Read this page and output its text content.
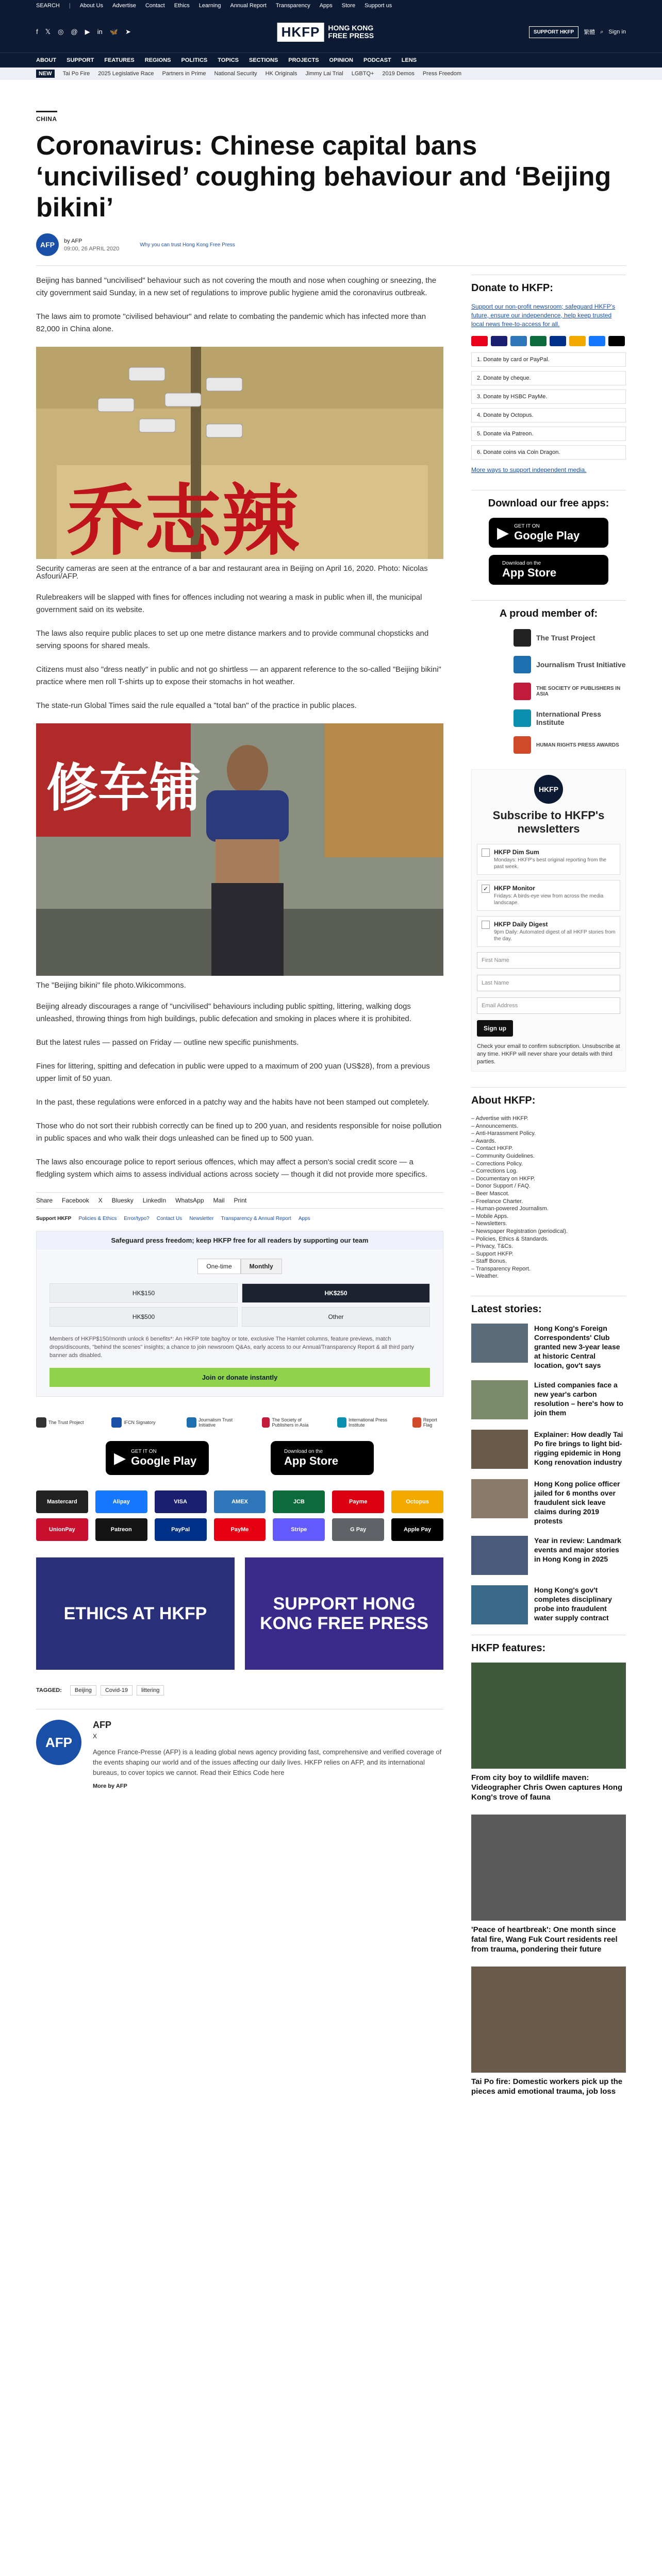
SEARCH | About Us Advertise Contact Ethics Learning Annual Report Transparency Apps Store Support us
f 𝕏 ◎ @ ▶ in 🦋 ➤	HKFP	HONG KONG FREE PRESS	SUPPORT HKFP	繁體 ⌕ Sign in
ABOUT SUPPORT FEATURES REGIONS POLITICS TOPICS SECTIONS PROJECTS OPINION PODCAST LENS
NEW	Tai Po Fire 2025 Legislative Race Partners in Prime National Security HK Originals Jimmy Lai Trial LGBTQ+ 2019 Demos Press Freedom
CHINA
Coronavirus: Chinese capital bans ‘uncivilised’ coughing behaviour and ‘Beijing bikini’
AFP	by AFP
09:00, 26 APRIL 2020
Why you can trust Hong Kong Free Press

Beijing has banned "uncivilised" behaviour such as not covering the mouth and nose when coughing or sneezing, the city government said Sunday, in a new set of regulations to improve public hygiene amid the coronavirus outbreak.

The laws aim to promote "civilised behaviour" and relate to combating the pandemic which has infected more than 82,000 in China alone.

乔志辣

Security cameras are seen at the entrance of a bar and restaurant area in Beijing on April 16, 2020. Photo: Nicolas Asfouri/AFP.

Rulebreakers will be slapped with fines for offences including not wearing a mask in public when ill, the municipal government said on its website.

The laws also require public places to set up one metre distance markers and to provide communal chopsticks and serving spoons for shared meals.

Citizens must also "dress neatly" in public and not go shirtless — an apparent reference to the so-called "Beijing bikini" practice where men roll T-shirts up to expose their stomachs in hot weather.

The state-run Global Times said the rule equalled a "total ban" of the practice in public places.

修车铺

The "Beijing bikini" file photo.Wikicommons.

Beijing already discourages a range of "uncivilised" behaviours including public spitting, littering, walking dogs unleashed, throwing things from high buildings, public defecation and smoking in places where it is prohibited.

But the latest rules — passed on Friday — outline new specific punishments.

Fines for littering, spitting and defecation in public were upped to a maximum of 200 yuan (US$28), from a previous upper limit of 50 yuan.

In the past, these regulations were enforced in a patchy way and the habits have not been stamped out completely.

Those who do not sort their rubbish correctly can be fined up to 200 yuan, and residents responsible for noise pollution in public spaces and who walk their dogs unleashed can be fined up to 500 yuan.

The laws also encourage police to report serious offences, which may affect a person's social credit score — a fledgling system which aims to assess individual actions across society — though it did not provide more specifics.

Share Facebook X Bluesky LinkedIn WhatsApp Mail Print
Support HKFP Policies & Ethics Error/typo? Contact Us Newsletter Transparency & Annual Report Apps
Safeguard press freedom; keep HKFP free for all readers by supporting our team
One-time	Monthly
HK$150	HK$250
HK$500	Other
Members of HKFP$150/month unlock 6 benefits*: An HKFP tote bag/toy or tote, exclusive The Hamlet columns, feature previews, match drops/discounts, "behind the scenes" insights; a chance to join newsroom Q&As, early access to our Annual/Transparency Report & all third party banner ads disabled.
Join or donate instantly
The Trust Project	IFCN Signatory	Journalism Trust Initiative
The Society of Publishers in Asia
International Press Institute
Report Flag
▶ GET IT ON
Google Play
Download on the
App Store
Mastercard	Alipay	VISA	AMEX	JCB	Payme	Octopus
UnionPay	Patreon	PayPal	PayMe	Stripe	G Pay	Apple Pay
ETHICS AT HKFP	SUPPORT HONG KONG FREE PRESS
TAGGED:	Beijing	Covid-19	littering
AFP
AFP
X
Agence France-Presse (AFP) is a leading global news agency providing fast, comprehensive and verified coverage of the events shaping our world and of the issues affecting our daily lives. HKFP relies on AFP, and its international bureaus, to cover topics we cannot. Read their Ethics Code here
More by AFP
Donate to HKFP:
Support our non-profit newsroom; safeguard HKFP's future, ensure our independence, help keep trusted local news free-to-access for all.
1. Donate by card or PayPal.
2. Donate by cheque.
3. Donate by HSBC PayMe.
4. Donate by Octopus.
5. Donate via Patreon.
6. Donate coins via Coin Dragon.
More ways to support independent media.
Download our free apps:
▶ GET IT ON
Google Play
Download on the
App Store
A proud member of:
The Trust Project
Journalism Trust Initiative
THE SOCIETY OF PUBLISHERS IN ASIA
International Press Institute
HUMAN RIGHTS PRESS AWARDS
HKFP
Subscribe to HKFP's newsletters
HKFP Dim Sum
Mondays: HKFP's best original reporting from the past week.
✓ HKFP Monitor
Fridays: A birds-eye view from across the media landscape.
HKFP Daily Digest
9pm Daily: Automated digest of all HKFP stories from the day.
First Name
Last Name
Email Address
Sign up
Check your email to confirm subscription. Unsubscribe at any time. HKFP will never share your details with third parties.
About HKFP:
– Advertise with HKFP.
– Announcements.
– Anti-Harassment Policy.
– Awards.
– Contact HKFP.
– Community Guidelines.
– Corrections Policy.
– Corrections Log.
– Documentary on HKFP.
– Donor Support / FAQ.
– Beer Mascot.
– Freelance Charter.
– Human-powered Journalism.
– Mobile Apps.
– Newsletters.
– Newspaper Registration (periodical).
– Policies, Ethics & Standards.
– Privacy, T&Cs.
– Support HKFP.
– Staff Bonus.
– Transparency Report.
– Weather.
Latest stories:
Hong Kong's Foreign Correspondents' Club granted new 3-year lease at historic Central location, gov't says
Listed companies face a new year's carbon resolution – here's how to join them
Explainer: How deadly Tai Po fire brings to light bid-rigging epidemic in Hong Kong renovation industry
Hong Kong police officer jailed for 6 months over fraudulent sick leave claims during 2019 protests
Year in review: Landmark events and major stories in Hong Kong in 2025
Hong Kong's gov't completes disciplinary probe into fraudulent water supply contract
HKFP features:
From city boy to wildlife maven: Videographer Chris Owen captures Hong Kong's trove of fauna
'Peace of heartbreak': One month since fatal fire, Wang Fuk Court residents reel from trauma, pondering their future
Tai Po fire: Domestic workers pick up the pieces amid emotional trauma, job loss
